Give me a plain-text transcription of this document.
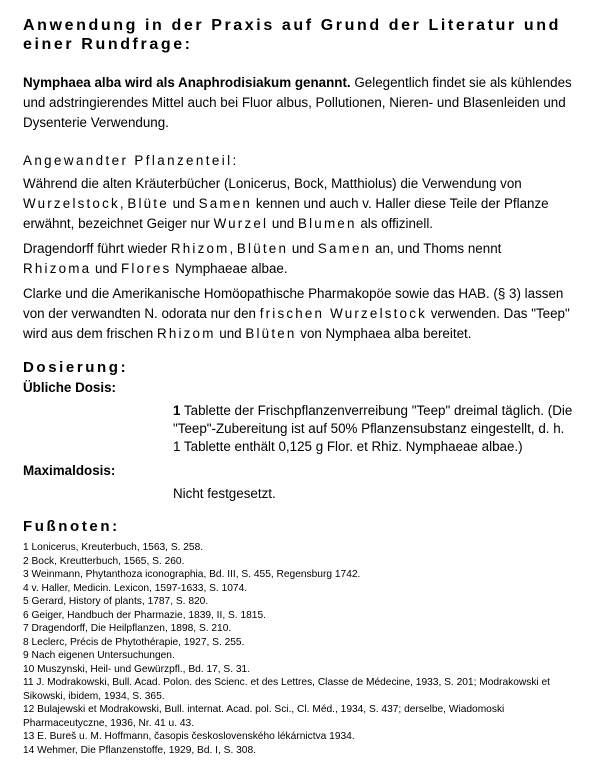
Anwendung in der Praxis auf Grund der Literatur und einer Rundfrage:

Nymphaea alba wird als Anaphrodisiakum genannt. Gelegentlich findet sie als kühlendes und adstringierendes Mittel auch bei Fluor albus, Pollutionen, Nieren- und Blasenleiden und Dysenterie Verwendung.

Angewandter Pflanzenteil:

Während die alten Kräuterbücher (Lonicerus, Bock, Matthiolus) die Verwendung von Wurzelstock, Blüte und Samen kennen und auch v. Haller diese Teile der Pflanze erwähnt, bezeichnet Geiger nur Wurzel und Blumen als offizinell.

Dragendorff führt wieder Rhizom, Blüten und Samen an, und Thoms nennt Rhizoma und Flores Nymphaeae albae.

Clarke und die Amerikanische Homöopathische Pharmakopöe sowie das HAB. (§ 3) lassen von der verwandten N. odorata nur den frischen Wurzelstock verwenden. Das "Teep" wird aus dem frischen Rhizom und Blüten von Nymphaea alba bereitet.

Dosierung:

Übliche Dosis:

1 Tablette der Frischpflanzenverreibung "Teep" dreimal täglich. (Die "Teep"-Zubereitung ist auf 50% Pflanzensubstanz eingestellt, d. h. 1 Tablette enthält 0,125 g Flor. et Rhiz. Nymphaeae albae.)

Maximaldosis:

Nicht festgesetzt.

Fußnoten:
1 Lonicerus, Kreuterbuch, 1563, S. 258.
2 Bock, Kreutterbuch, 1565, S. 260.
3 Weinmann, Phytanthoza iconographia, Bd. III, S. 455, Regensburg 1742.
4 v. Haller, Medicin. Lexicon, 1597-1633, S. 1074.
5 Gerard, History of plants, 1787, S. 820.
6 Geiger, Handbuch der Pharmazie, 1839, II, S. 1815.
7 Dragendorff, Die Heilpflanzen, 1898, S. 210.
8 Leclerc, Précis de Phytothérapie, 1927, S. 255.
9 Nach eigenen Untersuchungen.
10 Muszynski, Heil- und Gewürzpfl., Bd. 17, S. 31.
11 J. Modrakowski, Bull. Acad. Polon. des Scienc. et des Lettres, Classe de Médecine, 1933, S. 201; Modrakowski et Sikowski, ibidem, 1934, S. 365.
12 Bulajewski et Modrakowski, Bull. internat. Acad. pol. Sci., Cl. Méd., 1934, S. 437; derselbe, Wiadomoski Pharmaceutyczne, 1936, Nr. 41 u. 43.
13 E. Bureš u. M. Hoffmann, časopis československého lékárnictva 1934.
14 Wehmer, Die Pflanzenstoffe, 1929, Bd. I, S. 308.
